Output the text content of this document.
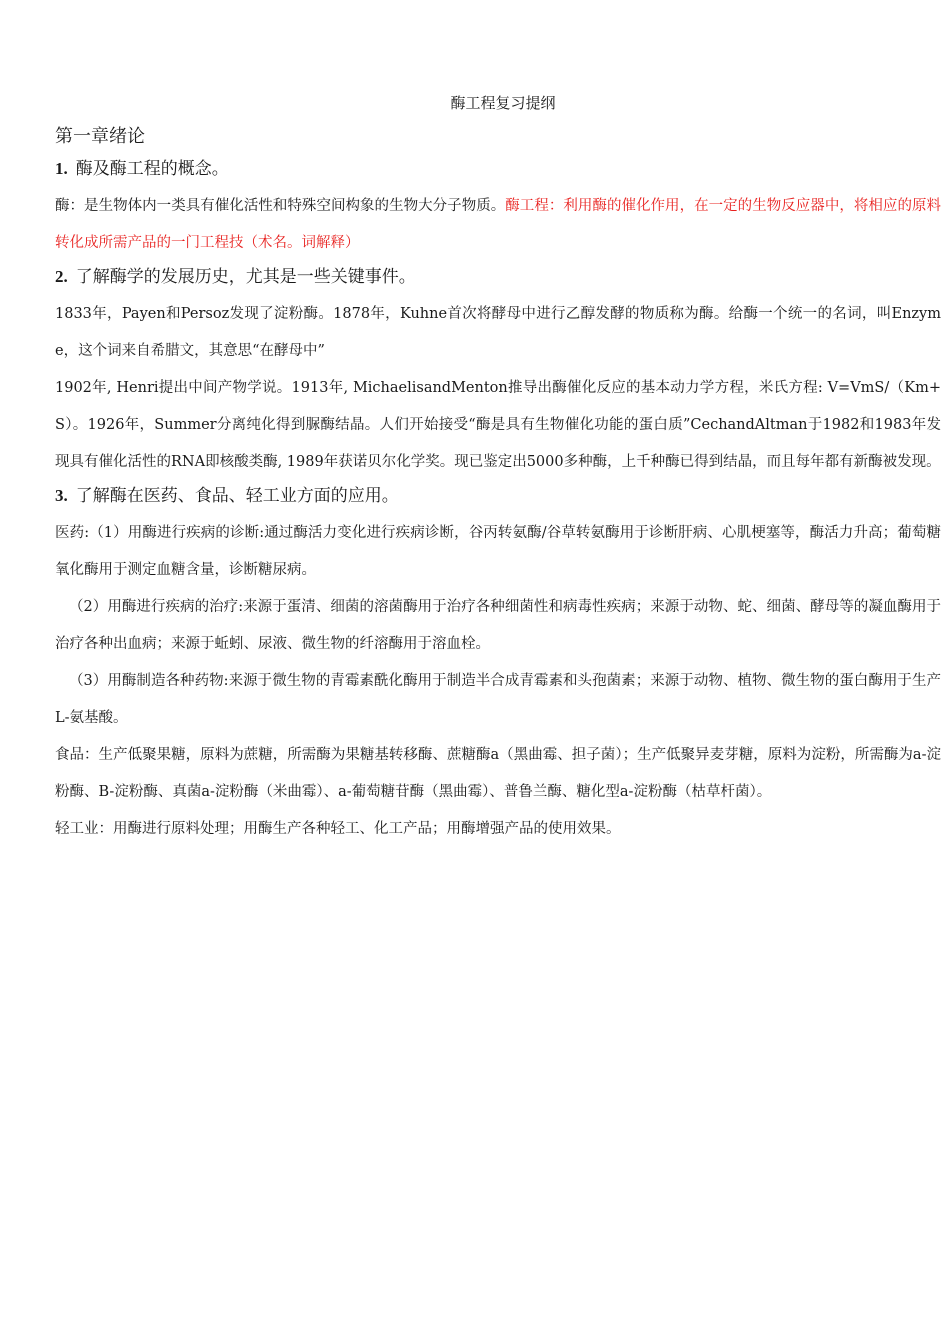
酶工程复习提纲
第一章绪论
1. 酶及酶工程的概念。

酶：是生物体内一类具有催化活性和特殊空间构象的生物大分子物质。酶工程：利用酶的催化作用，在一定的生物反应器中，将相应的原料转化成所需产品的一门工程技（术名。词解释）

2. 了解酶学的发展历史，尤其是一些关键事件。

1833年，Payen和Persoz发现了淀粉酶。1878年，Kuhne首次将酵母中进行乙醇发酵的物质称为酶。给酶一个统一的名词，叫Enzyme，这个词来自希腊文，其意思“在酵母中”

1902年, Henri提出中间产物学说。1913年, MichaelisandMenton推导出酶催化反应的基本动力学方程，米氏方程: V=VmS/（Km+S）。1926年，Summer分离纯化得到脲酶结晶。人们开始接受“酶是具有生物催化功能的蛋白质”CechandAltman于1982和1983年发现具有催化活性的RNA即核酸类酶, 1989年获诺贝尔化学奖。现已鉴定出5000多种酶，上千种酶已得到结晶，而且每年都有新酶被发现。

3. 了解酶在医药、食品、轻工业方面的应用。

医药:（1）用酶进行疾病的诊断:通过酶活力变化进行疾病诊断，谷丙转氨酶/谷草转氨酶用于诊断肝病、心肌梗塞等，酶活力升高；葡萄糖氧化酶用于测定血糖含量，诊断糖尿病。

（2）用酶进行疾病的治疗:来源于蛋清、细菌的溶菌酶用于治疗各种细菌性和病毒性疾病；来源于动物、蛇、细菌、酵母等的凝血酶用于治疗各种出血病；来源于蚯蚓、尿液、微生物的纤溶酶用于溶血栓。

（3）用酶制造各种药物:来源于微生物的青霉素酰化酶用于制造半合成青霉素和头孢菌素；来源于动物、植物、微生物的蛋白酶用于生产L-氨基酸。

食品：生产低聚果糖，原料为蔗糖，所需酶为果糖基转移酶、蔗糖酶a（黑曲霉、担子菌）；生产低聚异麦芽糖，原料为淀粉，所需酶为a-淀粉酶、B-淀粉酶、真菌a-淀粉酶（米曲霉）、a-葡萄糖苷酶（黑曲霉）、普鲁兰酶、糖化型a-淀粉酶（枯草杆菌）。

轻工业：用酶进行原料处理；用酶生产各种轻工、化工产品；用酶增强产品的使用效果。
